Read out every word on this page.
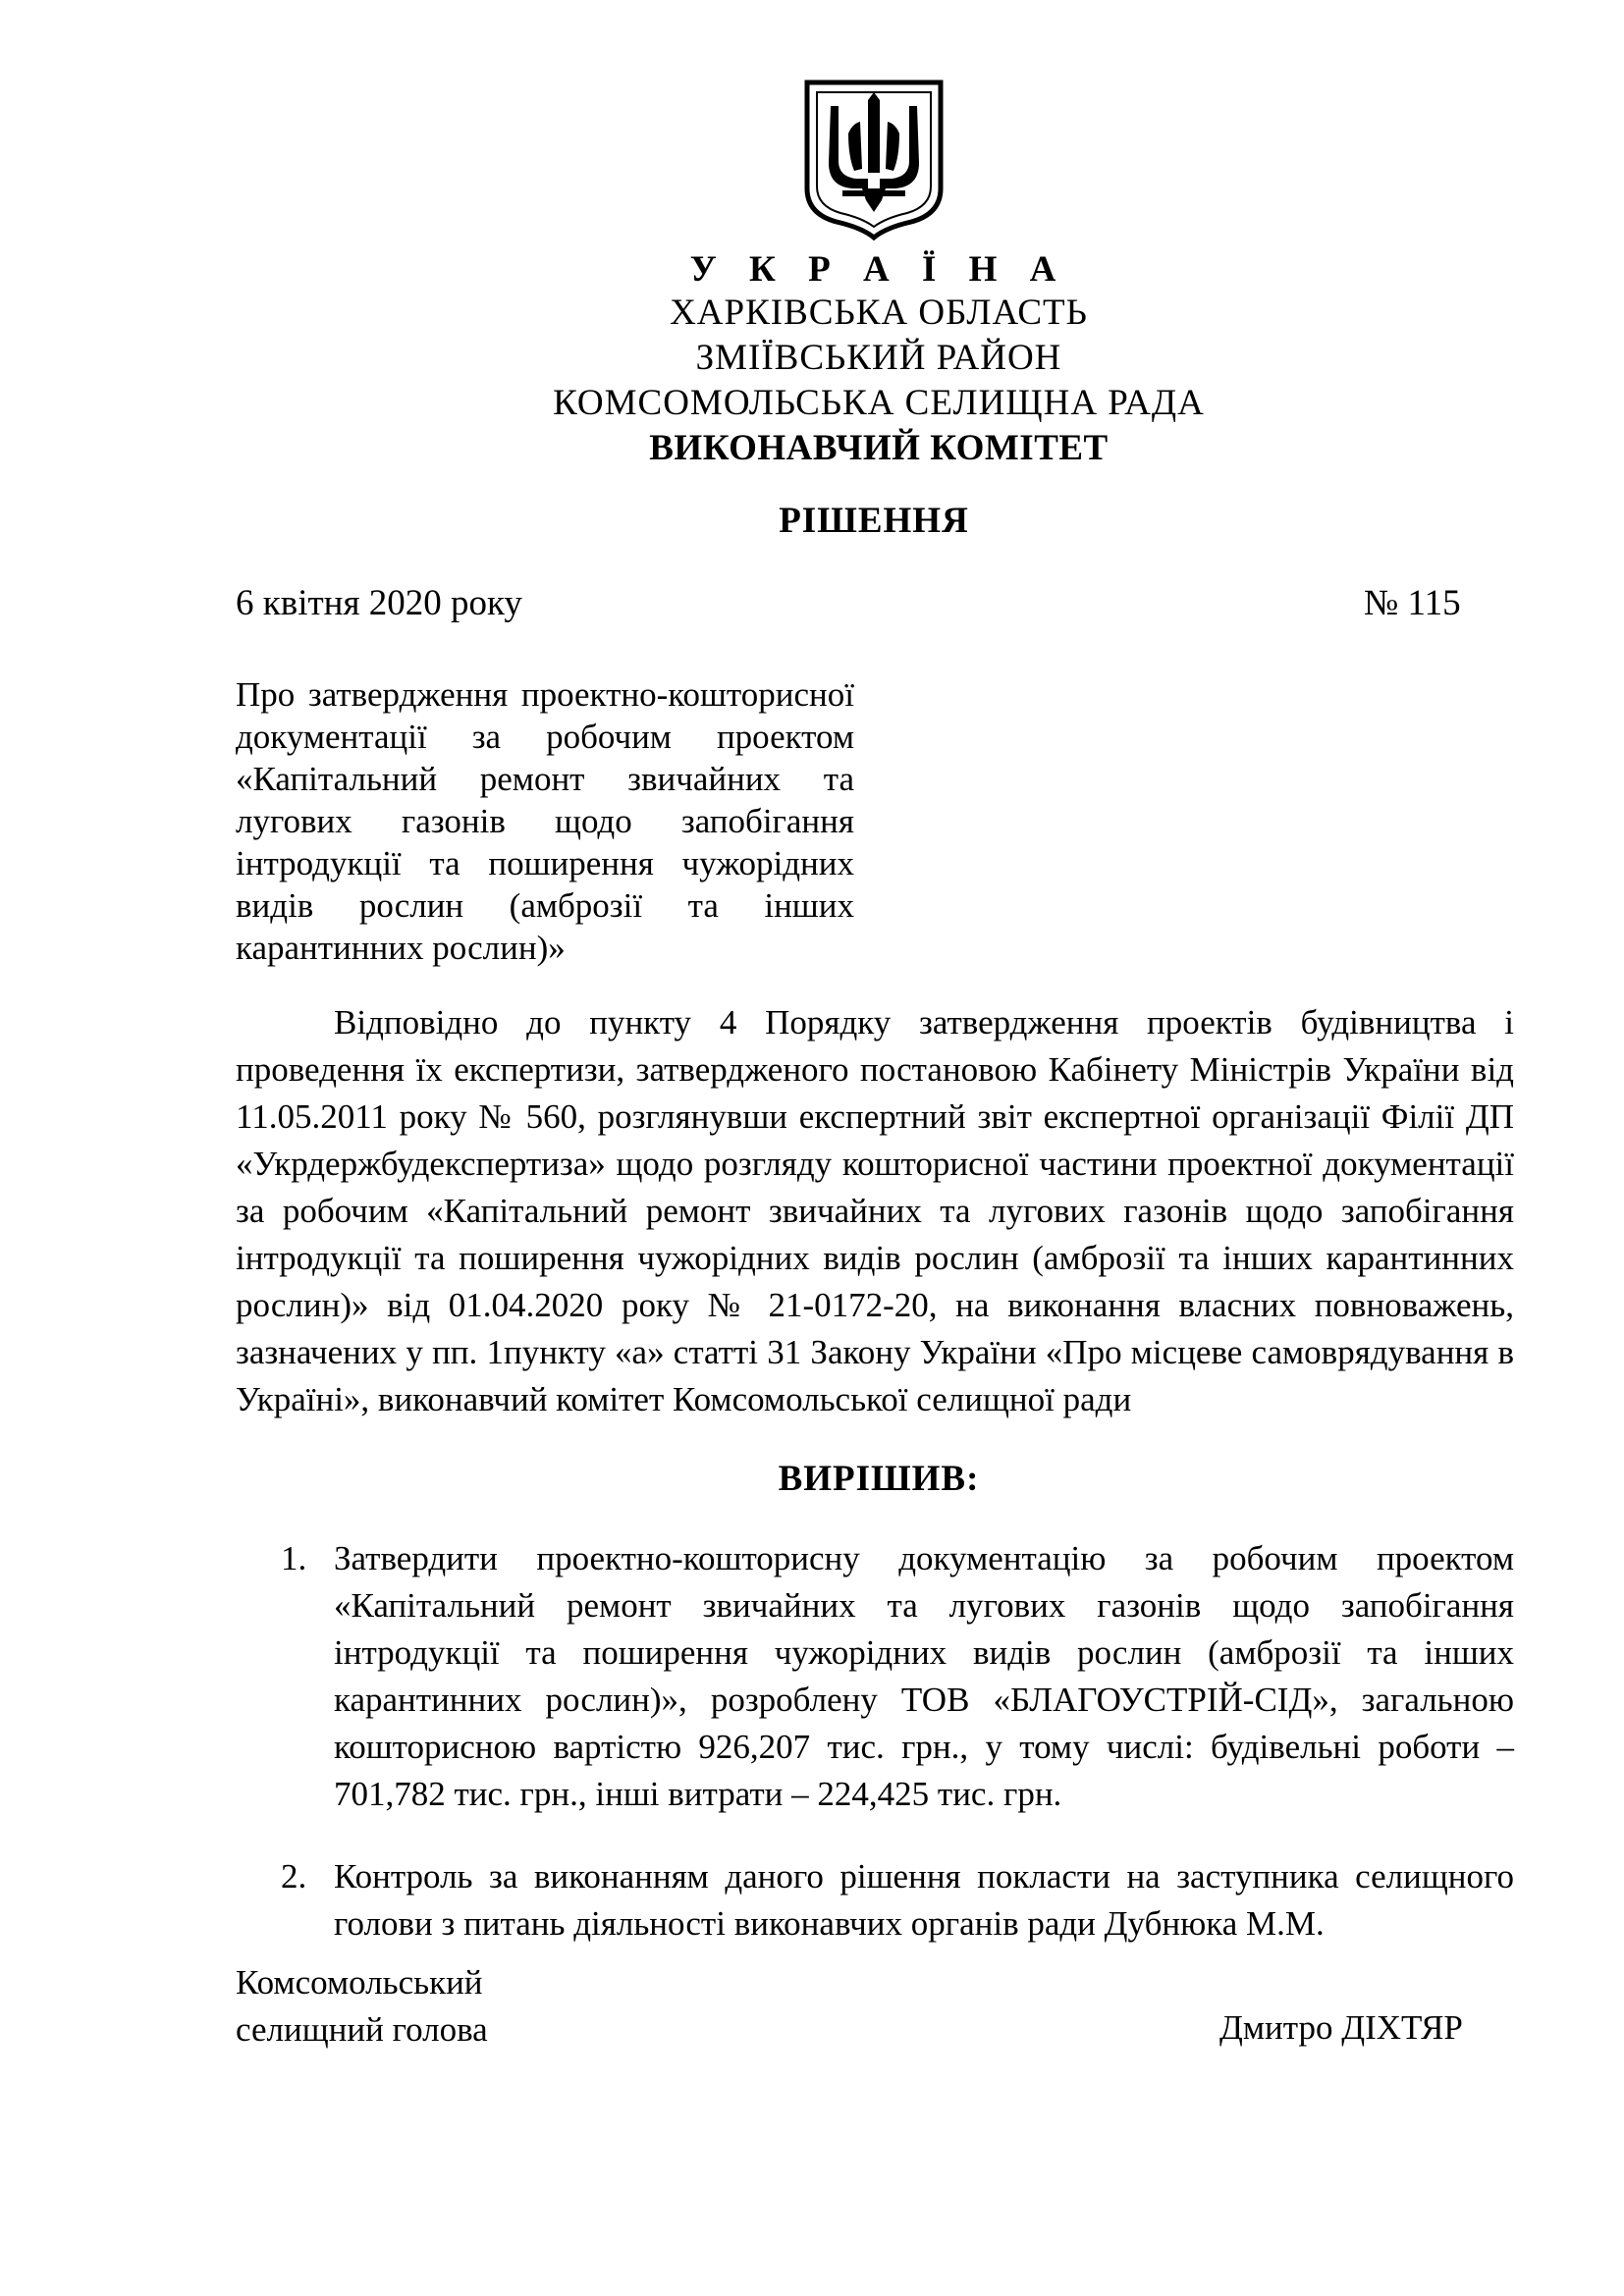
У К Р А Ї Н А
ХАРКІВСЬКА ОБЛАСТЬ
ЗМІЇВСЬКИЙ РАЙОН
КОМСОМОЛЬСЬКА СЕЛИЩНА РАДА
ВИКОНАВЧИЙ КОМІТЕТ
РІШЕННЯ
6 квітня 2020 року	№ 115
Про затвердження проектно-кошторисної документації за робочим проектом «Капітальний ремонт звичайних та лугових газонів щодо запобігання інтродукції та поширення чужорідних видів рослин (амброзії та інших карантинних рослин)»
Відповідно до пункту 4 Порядку затвердження проектів будівництва і проведення їх експертизи, затвердженого постановою Кабінету Міністрів України від 11.05.2011 року № 560, розглянувши експертний звіт експертної організації Філії ДП «Укрдержбудекспертиза» щодо розгляду кошторисної частини проектної документації за робочим «Капітальний ремонт звичайних та лугових газонів щодо запобігання інтродукції та поширення чужорідних видів рослин (амброзії та інших карантинних рослин)» від 01.04.2020 року № 21-0172-20, на виконання власних повноважень, зазначених у пп. 1пункту «а» статті 31 Закону України «Про місцеве самоврядування в Україні», виконавчий комітет Комсомольської селищної ради
ВИРІШИВ:
1. Затвердити проектно-кошторисну документацію за робочим проектом «Капітальний ремонт звичайних та лугових газонів щодо запобігання інтродукції та поширення чужорідних видів рослин (амброзії та інших карантинних рослин)», розроблену ТОВ «БЛАГОУСТРІЙ-СІД», загальною кошторисною вартістю 926,207 тис. грн., у тому числі: будівельні роботи – 701,782 тис. грн., інші витрати – 224,425 тис. грн.
2. Контроль за виконанням даного рішення покласти на заступника селищного голови з питань діяльності виконавчих органів ради Дубнюка М.М.
Комсомольський
селищний голова	Дмитро ДІХТЯР
